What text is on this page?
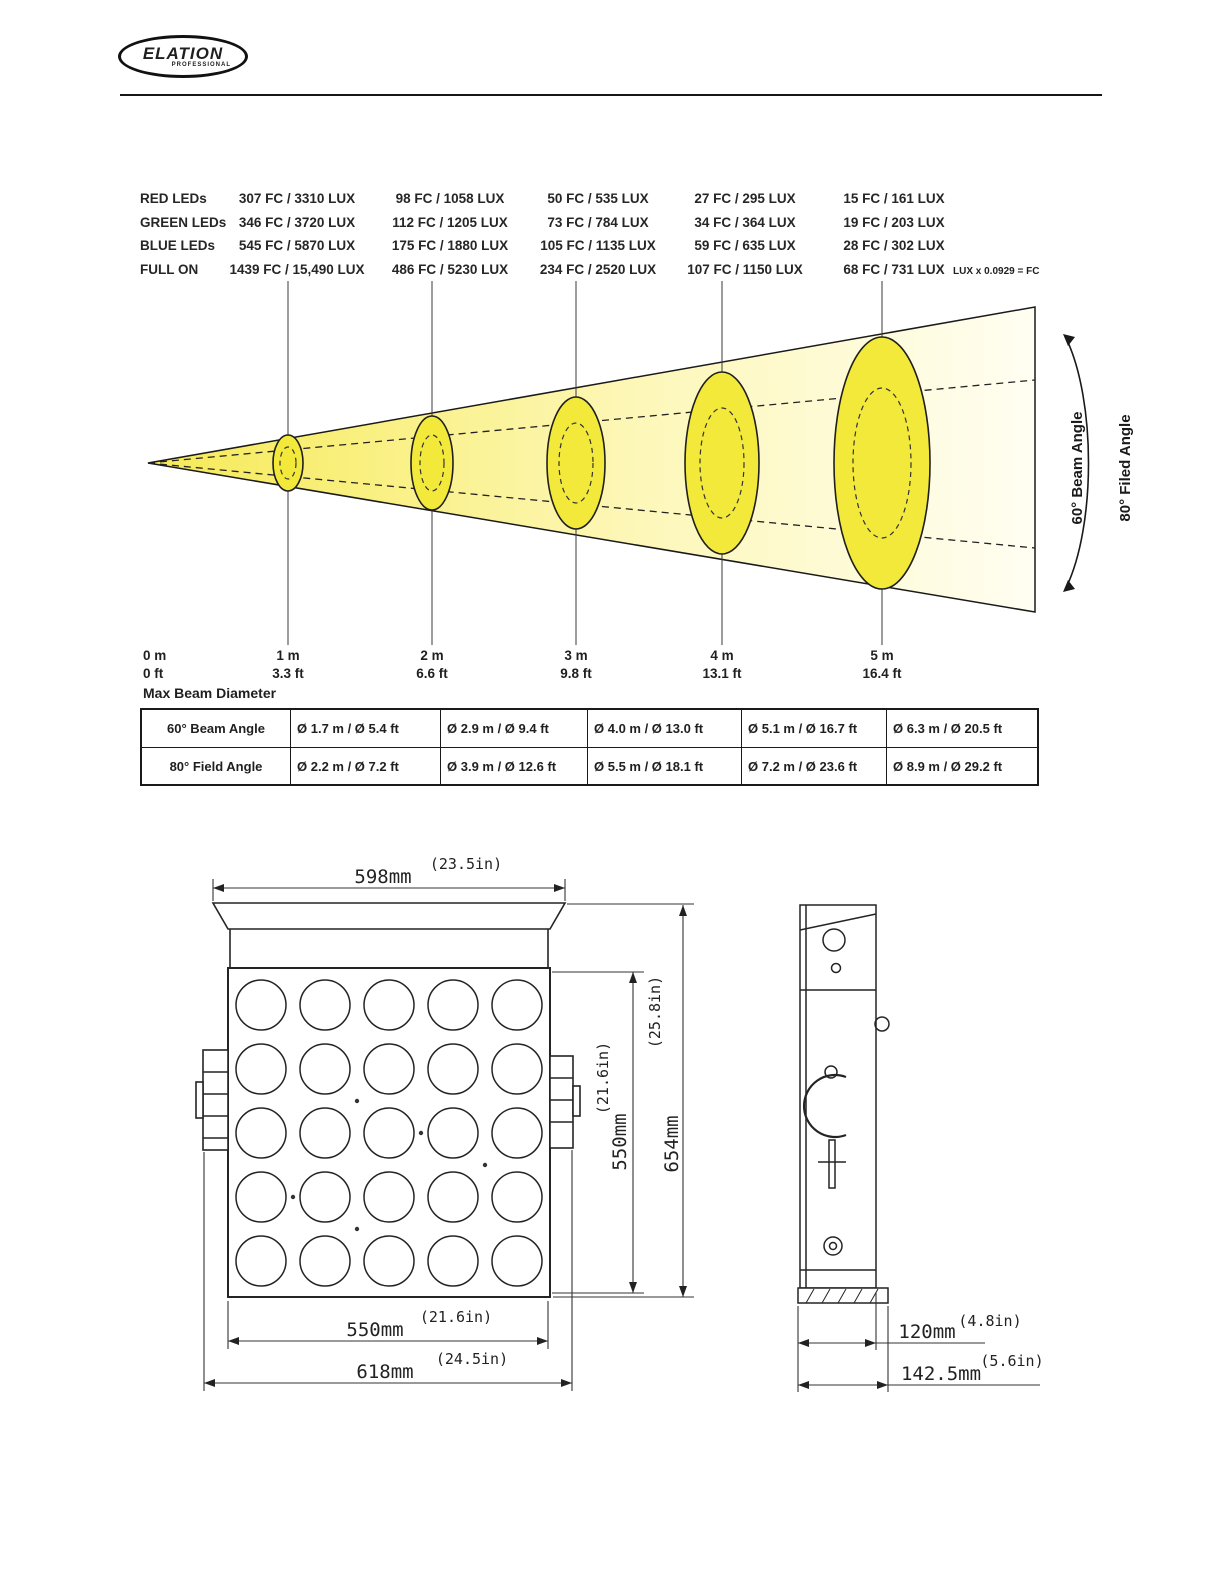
60° Beam Angle 80° Filed Angle
598mm
(23.5in)
550mm
(21.6in)
654mm
(25.8in)
550mm
(21.6in)
618mm
(24.5in)
120mm (4.8in)
142.5mm
(5.6in)
ELATION
PROFESSIONAL
RED LEDs	307 FC / 3310 LUX	98 FC / 1058 LUX	50 FC / 535 LUX	27 FC / 295 LUX	15 FC / 161 LUX
GREEN LEDs 346 FC / 3720 LUX	112 FC / 1205 LUX	73 FC / 784 LUX	34 FC / 364 LUX	19 FC / 203 LUX
BLUE LEDs	545 FC / 5870 LUX	175 FC / 1880 LUX	105 FC / 1135 LUX	59 FC / 635 LUX	28 FC / 302 LUX
FULL ON	1439 FC / 15,490 LUX	486 FC / 5230 LUX	234 FC / 2520 LUX	107 FC / 1150 LUX	68 FC / 731 LUX LUX x 0.0929 = FC
0 m
0 ft
1 m
3.3 ft
2 m
6.6 ft
3 m
9.8 ft
4 m
13.1 ft
5 m
16.4 ft
Max Beam Diameter
60° Beam Angle	Ø 1.7 m / Ø 5.4 ft	Ø 2.9 m / Ø 9.4 ft	Ø 4.0 m / Ø 13.0 ft	Ø 5.1 m / Ø 16.7 ft	Ø 6.3 m / Ø 20.5 ft
80° Field Angle	Ø 2.2 m / Ø 7.2 ft	Ø 3.9 m / Ø 12.6 ft	Ø 5.5 m / Ø 18.1 ft	Ø 7.2 m / Ø 23.6 ft	Ø 8.9 m / Ø 29.2 ft
